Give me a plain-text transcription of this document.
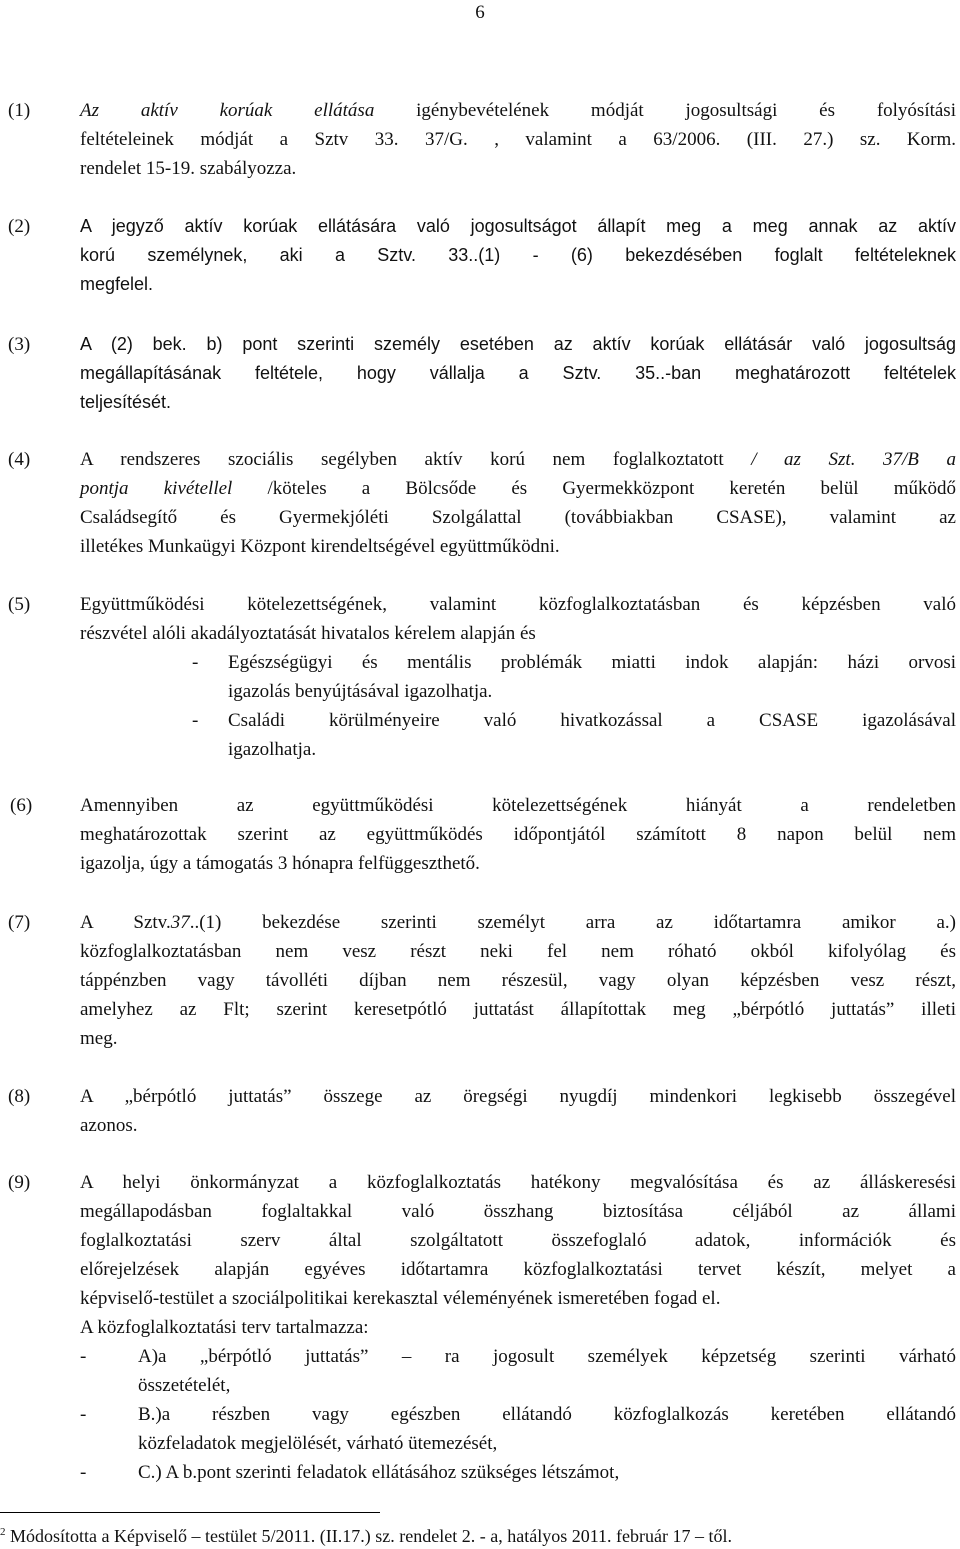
6
(1)	Az aktív korúak ellátása igénybevételének módját jogosultsági és folyósítási
feltételeinek módját a Sztv 33. 37/G. , valamint a 63/2006. (III. 27.) sz. Korm.
rendelet 15-19. szabályozza.
(2)	A jegyző aktív korúak ellátására való jogosultságot állapít meg a meg annak az aktív
korú személynek, aki a Sztv. 33..(1) - (6) bekezdésében foglalt feltételeknek
megfelel.
(3)	A (2) bek. b) pont szerinti személy esetében az aktív korúak ellátásár való jogosultság
megállapításának feltétele, hogy vállalja a Sztv. 35..-ban meghatározott feltételek
teljesítését.
(4)	A rendszeres szociális segélyben aktív korú nem foglalkoztatott / az Szt. 37/B a
pontja kivétellel /köteles a Bölcsőde és Gyermekközpont keretén belül működő
Családsegítő és Gyermekjóléti Szolgálattal (továbbiakban CSASE), valamint az
illetékes Munkaügyi Központ kirendeltségével együttműködni.
(5)	Együttműködési kötelezettségének, valamint közfoglalkoztatásban és képzésben való
részvétel alóli akadályoztatását hivatalos kérelem alapján és
- Egészségügyi és mentális problémák miatti indok alapján: házi orvosi
igazolás benyújtásával igazolhatja.
- Családi körülményeire való hivatkozással a CSASE igazolásával
igazolhatja.
(6)	Amennyiben az együttműködési kötelezettségének hiányát a rendeletben
meghatározottak szerint az együttműködés időpontjától számított 8 napon belül nem
igazolja, úgy a támogatás 3 hónapra felfüggeszthető.
(7)	A Sztv.37..(1) bekezdése szerinti személyt arra az időtartamra amikor a.)
közfoglalkoztatásban nem vesz részt neki fel nem róható okból kifolyólag és
táppénzben vagy távolléti díjban nem részesül, vagy olyan képzésben vesz részt,
amelyhez az Flt; szerint keresetpótló juttatást állapítottak meg „bérpótló juttatás” illeti
meg.
(8)	A „bérpótló juttatás” összege az öregségi nyugdíj mindenkori legkisebb összegével
azonos.
(9)	A helyi önkormányzat a közfoglalkoztatás hatékony megvalósítása és az álláskeresési
megállapodásban foglaltakkal való összhang biztosítása céljából az állami
foglalkoztatási szerv által szolgáltatott összefoglaló adatok, információk és
előrejelzések alapján egyéves időtartamra közfoglalkoztatási tervet készít, melyet a
képviselő-testület a szociálpolitikai kerekasztal véleményének ismeretében fogad el.
A közfoglalkoztatási terv tartalmazza:
-	A)a „bérpótló juttatás” – ra jogosult személyek képzetség szerinti várható
összetételét,
-	B.)a részben vagy egészben ellátandó közfoglalkozás keretében ellátandó
közfeladatok megjelölését, várható ütemezését,
-	C.) A b.pont szerinti feladatok ellátásához szükséges létszámot,
$^2$ Módosította a Képviselő – testület 5/2011. (II.17.) sz. rendelet 2. - a, hatályos 2011. február 17 – től.
